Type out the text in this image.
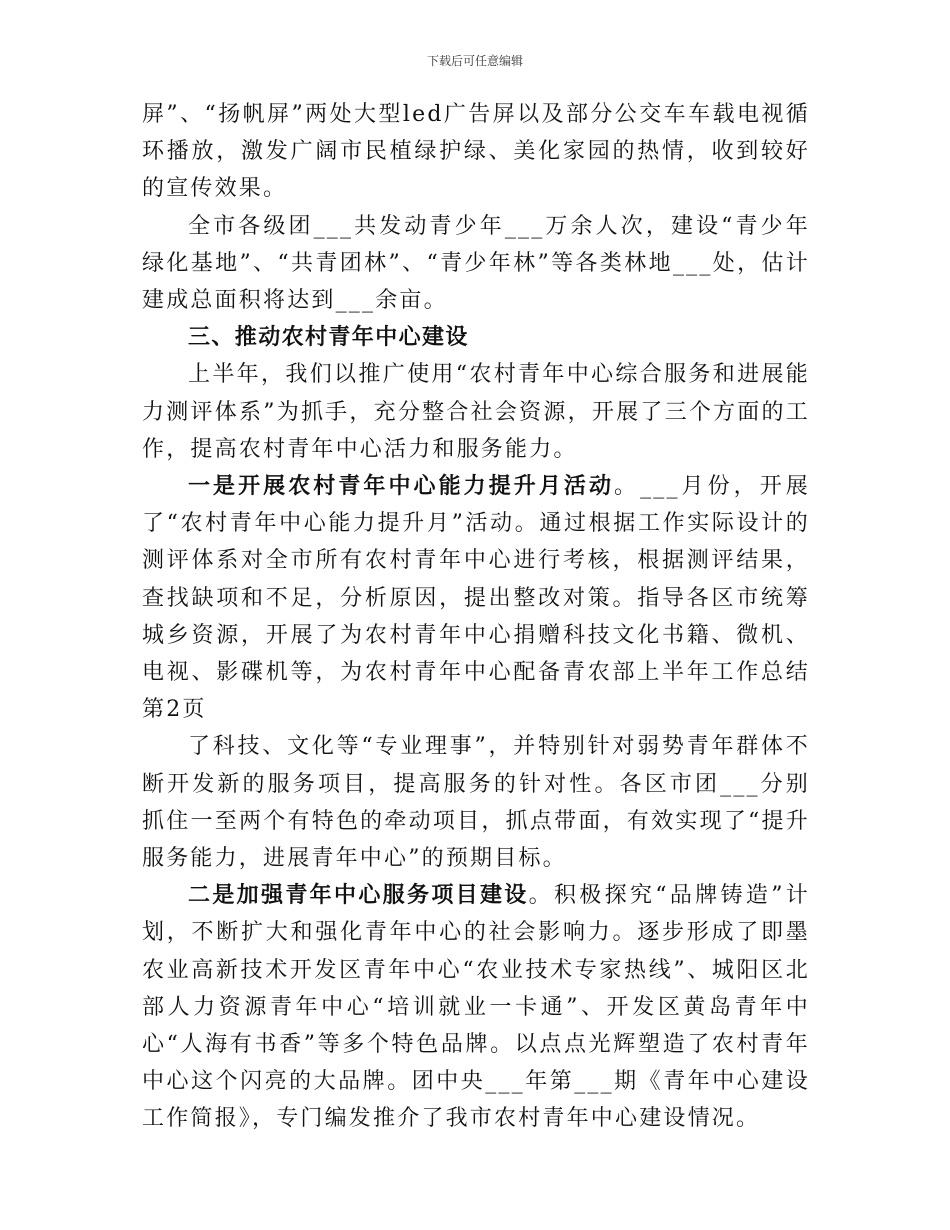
下载后可任意编辑

屏”、“扬帆屏”两处大型led广告屏以及部分公交车车载电视循环播放，激发广阔市民植绿护绿、美化家园的热情，收到较好的宣传效果。

全市各级团___共发动青少年___万余人次，建设“青少年绿化基地”、“共青团林”、“青少年林”等各类林地___处，估计建成总面积将达到___余亩。

三、推动农村青年中心建设

上半年，我们以推广使用“农村青年中心综合服务和进展能力测评体系”为抓手，充分整合社会资源，开展了三个方面的工作，提高农村青年中心活力和服务能力。

一是开展农村青年中心能力提升月活动。___月份，开展了“农村青年中心能力提升月”活动。通过根据工作实际设计的测评体系对全市所有农村青年中心进行考核，根据测评结果，查找缺项和不足，分析原因，提出整改对策。指导各区市统筹城乡资源，开展了为农村青年中心捐赠科技文化书籍、微机、电视、影碟机等，为农村青年中心配备青农部上半年工作总结第2页

了科技、文化等“专业理事”，并特别针对弱势青年群体不断开发新的服务项目，提高服务的针对性。各区市团___分别抓住一至两个有特色的牵动项目，抓点带面，有效实现了“提升服务能力，进展青年中心”的预期目标。

二是加强青年中心服务项目建设。积极探究“品牌铸造”计划，不断扩大和强化青年中心的社会影响力。逐步形成了即墨农业高新技术开发区青年中心“农业技术专家热线”、城阳区北部人力资源青年中心“培训就业一卡通”、开发区黄岛青年中心“人海有书香”等多个特色品牌。以点点光辉塑造了农村青年中心这个闪亮的大品牌。团中央___年第___期《青年中心建设工作简报》，专门编发推介了我市农村青年中心建设情况。
